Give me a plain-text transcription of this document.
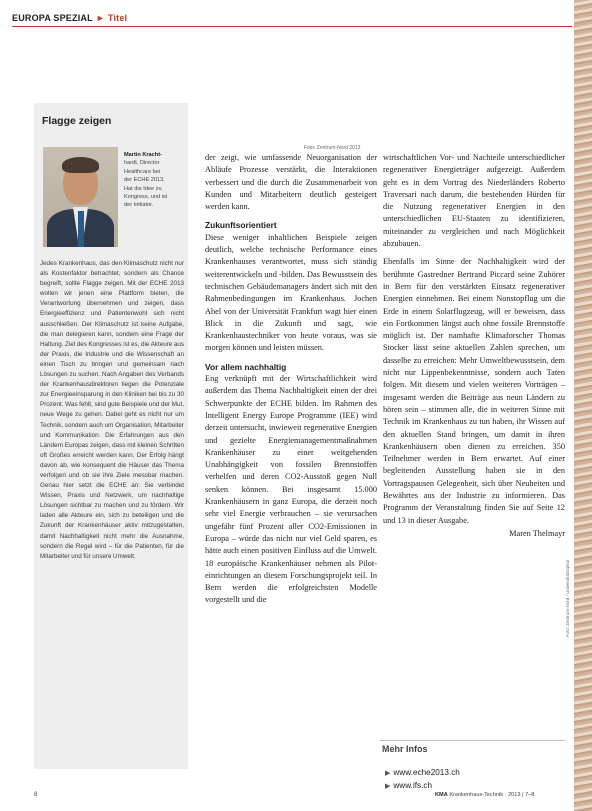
EUROPA SPEZIAL ► Titel
Flagge zeigen
Martin Kracht-
hardt, Director
Healthcare bei
der ECHE 2013.
Hat die Idee zu
Kongress, und ist
der Initiator.
Jedes Krankenhaus, das den Klimaschutz nicht nur als Kostenfaktor betrachtet, sondern als Chance begreift, sollte Flagge zeigen. Mit der ECHE 2013 wollen wir jenen eine Plattform bieten, die Verantwortung übernehmen und zeigen, dass Energieeffizienz und Patientenwohl sich nicht ausschließen. Der Klimaschutz ist keine Aufgabe, die man delegieren kann, sondern eine Frage der Haltung. Ziel des Kongresses ist es, die Akteure aus der Praxis, die Industrie und die Wissenschaft an einen Tisch zu bringen und gemeinsam nach Lösungen zu suchen. Nach Angaben des Verbands der Krankenhausdirektoren liegen die Potenziale zur Energieeinsparung in den Kliniken bei bis zu 30 Prozent. Was fehlt, sind gute Beispiele und der Mut, neue Wege zu gehen. Dabei geht es nicht nur um Technik, sondern auch um Organisation, Mitarbeiter und Kommunikation. Die Erfahrungen aus den Ländern Europas zeigen, dass mit kleinen Schritten oft Großes erreicht werden kann. Der Erfolg hängt davon ab, wie konsequent die Häuser das Thema verfolgen und ob sie ihre Ziele messbar machen. Genau hier setzt die ECHE an: Sie verbindet Wissen, Praxis und Netzwerk, um nachhaltige Lösungen sichtbar zu machen und zu fördern. Wir laden alle Akteure ein, sich zu beteiligen und die Zukunft der Krankenhäuser aktiv mitzugestalten, damit Nachhaltigkeit nicht mehr die Ausnahme, sondern die Regel wird – für die Patienten, für die Mitarbeiter und für unsere Umwelt.
Foto: Zentrum-Nord 2013

der zeigt, wie umfassende Neuorganisation der Abläufe Prozesse verstärkt, die Interaktionen verbessert und die durch die Zusammenarbeit von Kunden und Mitarbeitern deutlich gesteigert werden kann.

Zukunftsorientiert

Diese weniger inhaltlichen Beispiele zeigen deutlich, welche technische Performance eines Krankenhauses verantwortet, muss sich ständig weiterentwickeln und -bilden. Das Bewusstsein des technischen Gebäudemanagers ändert sich mit den Rahmenbedingungen im Krankenhaus. Jochen Abel von der Universität Frankfurt wagt hier einen Blick in die Zukunft und sagt, wie Krankenhaustechniker von heute voraus, was sie morgen können und leisten müssen.

Vor allem nachhaltig

Eng verknüpft mit der Wirtschaftlichkeit wird außerdem das Thema Nachhaltigkeit einen der drei Schwerpunkte der ECHE bilden. Im Rahmen des Intelligent Energy Europe Programme (IEE) wird derzeit untersucht, inwieweit regenerative Energien und gezielte Energiemanagementmaßnahmen Krankenhäuser zu einer weitgehenden Unabhängigkeit von fossilen Brennstoffen verhelfen und deren CO2-Ausstoß gegen Null senken können. Bei insgesamt 15.000 Krankenhäusern in ganz Europa, die derzeit noch sehr viel Energie verbrauchen – sie verursachen ungefähr fünf Prozent aller CO2-Emissionen in Europa – würde das nicht nur viel Geld sparen, es hätte auch einen positiven Einfluss auf die Umwelt. 18 europäische Krankenhäuser nehmen als Pilot-einrichtungen an diesem Forschungsprojekt teil. In Bern werden die erfolgreichsten Modelle vorgestellt und die

wirtschaftlichen Vor- und Nachteile unterschiedlicher regenerativer Energieträger aufgezeigt. Außerdem geht es in dem Vortrag des Niederländers Roberto Traversari nach darum, die bestehenden Hürden für die Nutzung regenerativer Energien in den unterschiedlichen EU-Staaten zu identifizieren, miteinander zu vergleichen und nach Möglichkeit abzubauen.

Ebenfalls im Sinne der Nachhaltigkeit wird der berühmte Gastredner Bertrand Piccard seine Zuhörer in Bern für den verstärkten Einsatz regenerativer Energien einnehmen. Bei einem Nonstopflug um die Erde in einem Solarflugzeug, will er beweisen, dass ein Fortkommen längst auch ohne fossile Brennstoffe möglich ist. Der namhafte Klimaforscher Thomas Stocker lässt seine aktuellen Zahlen sprechen, um dasselbe zu erreichen: Mehr Umweltbewusstsein, dem nicht nur Lippenbekenntnisse, sondern auch Taten folgen. Mit diesem und vielen weiteren Vorträgen – insgesamt werden die Beiträge aus neun Ländern zu hören sein – stimmen alle, die in weiteren Sinne mit Technik im Krankenhaus zu tun haben, ihr Wissen auf den aktuellen Stand bringen, um damit in ihren Krankenhäusern oben dienen zu erreichen. 350 Teilnehmer werden in Bern erwartet. Auf einer begleitenden Ausstellung haben sie in den Vortragspausen Gelegenheit, sich über Neuheiten und Bewährtes aus der Industrie zu informieren. Das Programm der Veranstaltung finden Sie auf Seite 12 und 13 in dieser Ausgabe.

Maren Thelmayr
Foto: Zentrum-Nord / Universitätsspital
Mehr Infos
▶ www.eche2013.ch
▶ www.ifs.ch
8	KMA Krankenhaus-Technik · 2013 | 7–8
